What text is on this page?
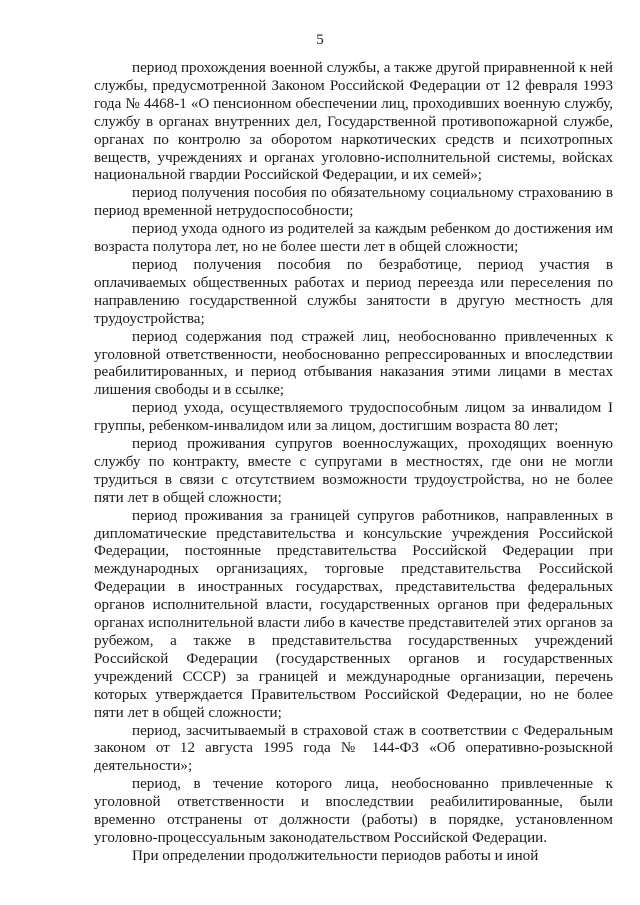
5

период прохождения военной службы, а также другой приравненной к ней службы, предусмотренной Законом Российской Федерации от 12 февраля 1993 года № 4468-1 «О пенсионном обеспечении лиц, проходивших военную службу, службу в органах внутренних дел, Государственной противопожарной службе, органах по контролю за оборотом наркотических средств и психотропных веществ, учреждениях и органах уголовно-исполнительной системы, войсках национальной гвардии Российской Федерации, и их семей»;

период получения пособия по обязательному социальному страхованию в период временной нетрудоспособности;

период ухода одного из родителей за каждым ребенком до достижения им возраста полутора лет, но не более шести лет в общей сложности;

период получения пособия по безработице, период участия в оплачиваемых общественных работах и период переезда или переселения по направлению государственной службы занятости в другую местность для трудоустройства;

период содержания под стражей лиц, необоснованно привлеченных к уголовной ответственности, необоснованно репрессированных и впоследствии реабилитированных, и период отбывания наказания этими лицами в местах лишения свободы и в ссылке;

период ухода, осуществляемого трудоспособным лицом за инвалидом I группы, ребенком-инвалидом или за лицом, достигшим возраста 80 лет;

период проживания супругов военнослужащих, проходящих военную службу по контракту, вместе с супругами в местностях, где они не могли трудиться в связи с отсутствием возможности трудоустройства, но не более пяти лет в общей сложности;

период проживания за границей супругов работников, направленных в дипломатические представительства и консульские учреждения Российской Федерации, постоянные представительства Российской Федерации при международных организациях, торговые представительства Российской Федерации в иностранных государствах, представительства федеральных органов исполнительной власти, государственных органов при федеральных органах исполнительной власти либо в качестве представителей этих органов за рубежом, а также в представительства государственных учреждений Российской Федерации (государственных органов и государственных учреждений СССР) за границей и международные организации, перечень которых утверждается Правительством Российской Федерации, но не более пяти лет в общей сложности;

период, засчитываемый в страховой стаж в соответствии с Федеральным законом от 12 августа 1995 года № 144-ФЗ «Об оперативно-розыскной деятельности»;

период, в течение которого лица, необоснованно привлеченные к уголовной ответственности и впоследствии реабилитированные, были временно отстранены от должности (работы) в порядке, установленном уголовно-процессуальным законодательством Российской Федерации.

При определении продолжительности периодов работы и иной
